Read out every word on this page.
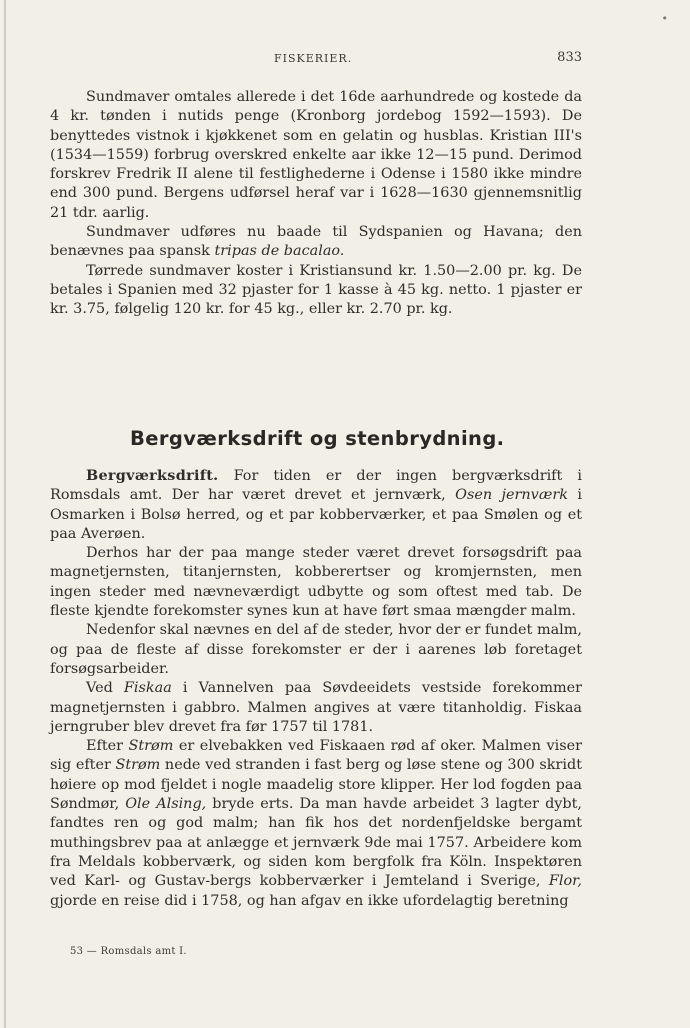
•
FISKERIER.	833

Sundmaver omtales allerede i det 16de aarhundrede og kostede da 4 kr. tønden i nutids penge (Kronborg jordebog 1592—1593). De benyttedes vistnok i kjøkkenet som en gelatin og husblas. Kristian III's (1534—1559) forbrug overskred enkelte aar ikke 12—15 pund. Derimod forskrev Fredrik II alene til festlighederne i Odense i 1580 ikke mindre end 300 pund. Bergens udførsel heraf var i 1628—1630 gjennemsnitlig 21 tdr. aarlig.

Sundmaver udføres nu baade til Sydspanien og Havana; den benævnes paa spansk tripas de bacalao.

Tørrede sundmaver koster i Kristiansund kr. 1.50—2.00 pr. kg. De betales i Spanien med 32 pjaster for 1 kasse à 45 kg. netto. 1 pjaster er kr. 3.75, følgelig 120 kr. for 45 kg., eller kr. 2.70 pr. kg.

Bergværksdrift og stenbrydning.

Bergværksdrift. For tiden er der ingen bergværksdrift i Romsdals amt. Der har været drevet et jernværk, Osen jernværk i Osmarken i Bolsø herred, og et par kobberværker, et paa Smølen og et paa Averøen.

Derhos har der paa mange steder været drevet forsøgsdrift paa magnetjernsten, titanjernsten, kobberertser og kromjernsten, men ingen steder med nævneværdigt udbytte og som oftest med tab. De fleste kjendte forekomster synes kun at have ført smaa mængder malm.

Nedenfor skal nævnes en del af de steder, hvor der er fundet malm, og paa de fleste af disse forekomster er der i aarenes løb foretaget forsøgsarbeider.

Ved Fiskaa i Vannelven paa Søvdeeidets vestside forekommer magnetjernsten i gabbro. Malmen angives at være titanholdig. Fiskaa jerngruber blev drevet fra før 1757 til 1781.

Efter Strøm er elvebakken ved Fiskaaen rød af oker. Malmen viser sig efter Strøm nede ved stranden i fast berg og løse stene og 300 skridt høiere op mod fjeldet i nogle maadelig store klipper. Her lod fogden paa Søndmør, Ole Alsing, bryde erts. Da man havde arbeidet 3 lagter dybt, fandtes ren og god malm; han fik hos det nordenfjeldske bergamt muthingsbrev paa at anlægge et jernværk 9de mai 1757. Arbeidere kom fra Meldals kobberværk, og siden kom bergfolk fra Köln. Inspektøren ved Karl- og Gustav-bergs kobberværker i Jemteland i Sverige, Flor, gjorde en reise did i 1758, og han afgav en ikke ufordelagtig beretning

53 — Romsdals amt I.
